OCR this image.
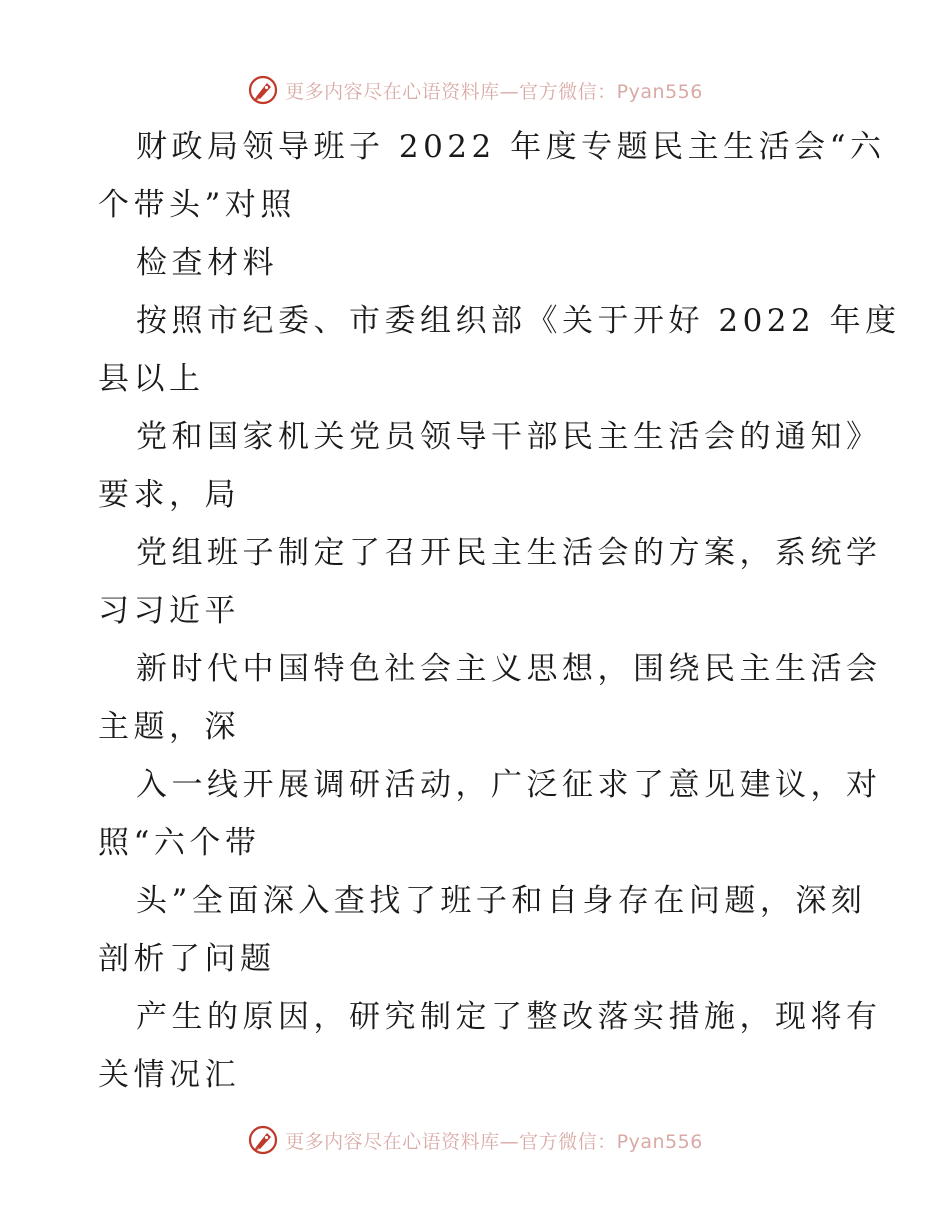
更多内容尽在心语资料库—官方微信：Pyan556
财政局领导班子 2022 年度专题民主生活会“六
个带头”对照
检查材料
按照市纪委、市委组织部《关于开好 2022 年度
县以上
党和国家机关党员领导干部民主生活会的通知》
要求，局
党组班子制定了召开民主生活会的方案，系统学
习习近平
新时代中国特色社会主义思想，围绕民主生活会
主题，深
入一线开展调研活动，广泛征求了意见建议，对
照“六个带
头”全面深入查找了班子和自身存在问题，深刻
剖析了问题
产生的原因，研究制定了整改落实措施，现将有
关情况汇
更多内容尽在心语资料库—官方微信：Pyan556
